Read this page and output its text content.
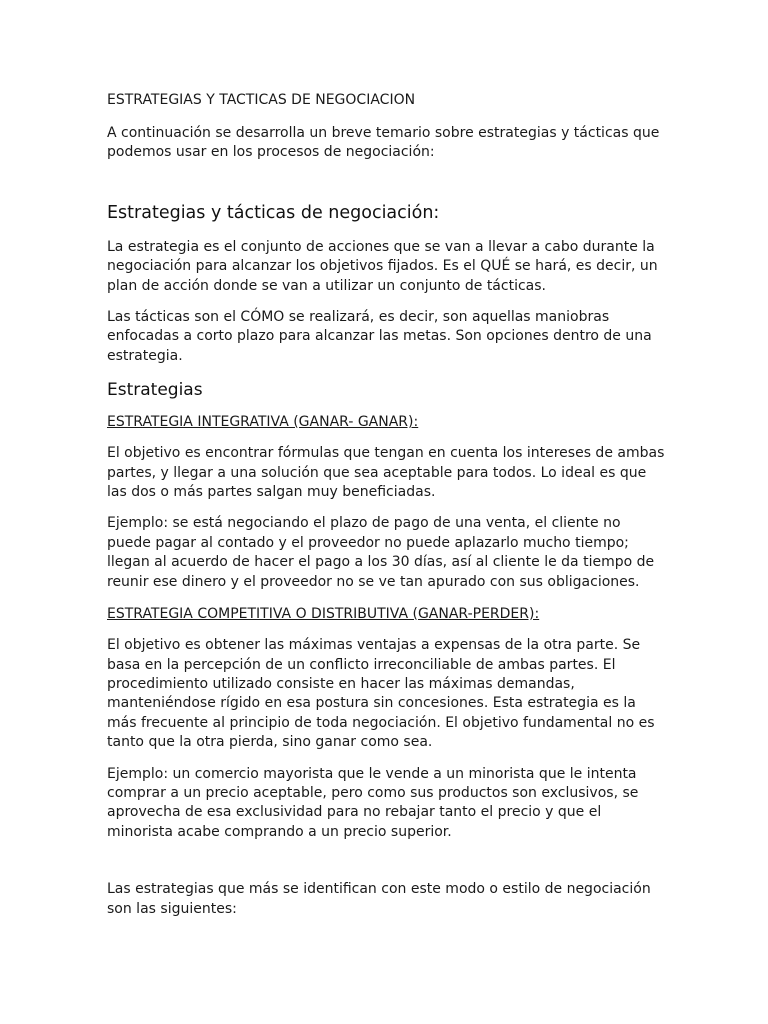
ESTRATEGIAS Y TACTICAS DE NEGOCIACION

A continuación se desarrolla un breve temario sobre estrategias y tácticas que podemos usar en los procesos de negociación:

Estrategias y tácticas de negociación:

La estrategia es el conjunto de acciones que se van a llevar a cabo durante la negociación para alcanzar los objetivos fijados. Es el QUÉ se hará, es decir, un plan de acción donde se van a utilizar un conjunto de tácticas.

Las tácticas son el CÓMO se realizará, es decir, son aquellas maniobras enfocadas a corto plazo para alcanzar las metas. Son opciones dentro de una estrategia.

Estrategias
ESTRATEGIA INTEGRATIVA (GANAR- GANAR):

El objetivo es encontrar fórmulas que tengan en cuenta los intereses de ambas partes, y llegar a una solución que sea aceptable para todos. Lo ideal es que las dos o más partes salgan muy beneficiadas.

Ejemplo: se está negociando el plazo de pago de una venta, el cliente no puede pagar al contado y el proveedor no puede aplazarlo mucho tiempo; llegan al acuerdo de hacer el pago a los 30 días, así al cliente le da tiempo de reunir ese dinero y el proveedor no se ve tan apurado con sus obligaciones.

ESTRATEGIA COMPETITIVA O DISTRIBUTIVA (GANAR-PERDER):

El objetivo es obtener las máximas ventajas a expensas de la otra parte. Se basa en la percepción de un conflicto irreconciliable de ambas partes. El procedimiento utilizado consiste en hacer las máximas demandas, manteniéndose rígido en esa postura sin concesiones. Esta estrategia es la más frecuente al principio de toda negociación. El objetivo fundamental no es tanto que la otra pierda, sino ganar como sea.

Ejemplo: un comercio mayorista que le vende a un minorista que le intenta comprar a un precio aceptable, pero como sus productos son exclusivos, se aprovecha de esa exclusividad para no rebajar tanto el precio y que el minorista acabe comprando a un precio superior.

Las estrategias que más se identifican con este modo o estilo de negociación son las siguientes:
